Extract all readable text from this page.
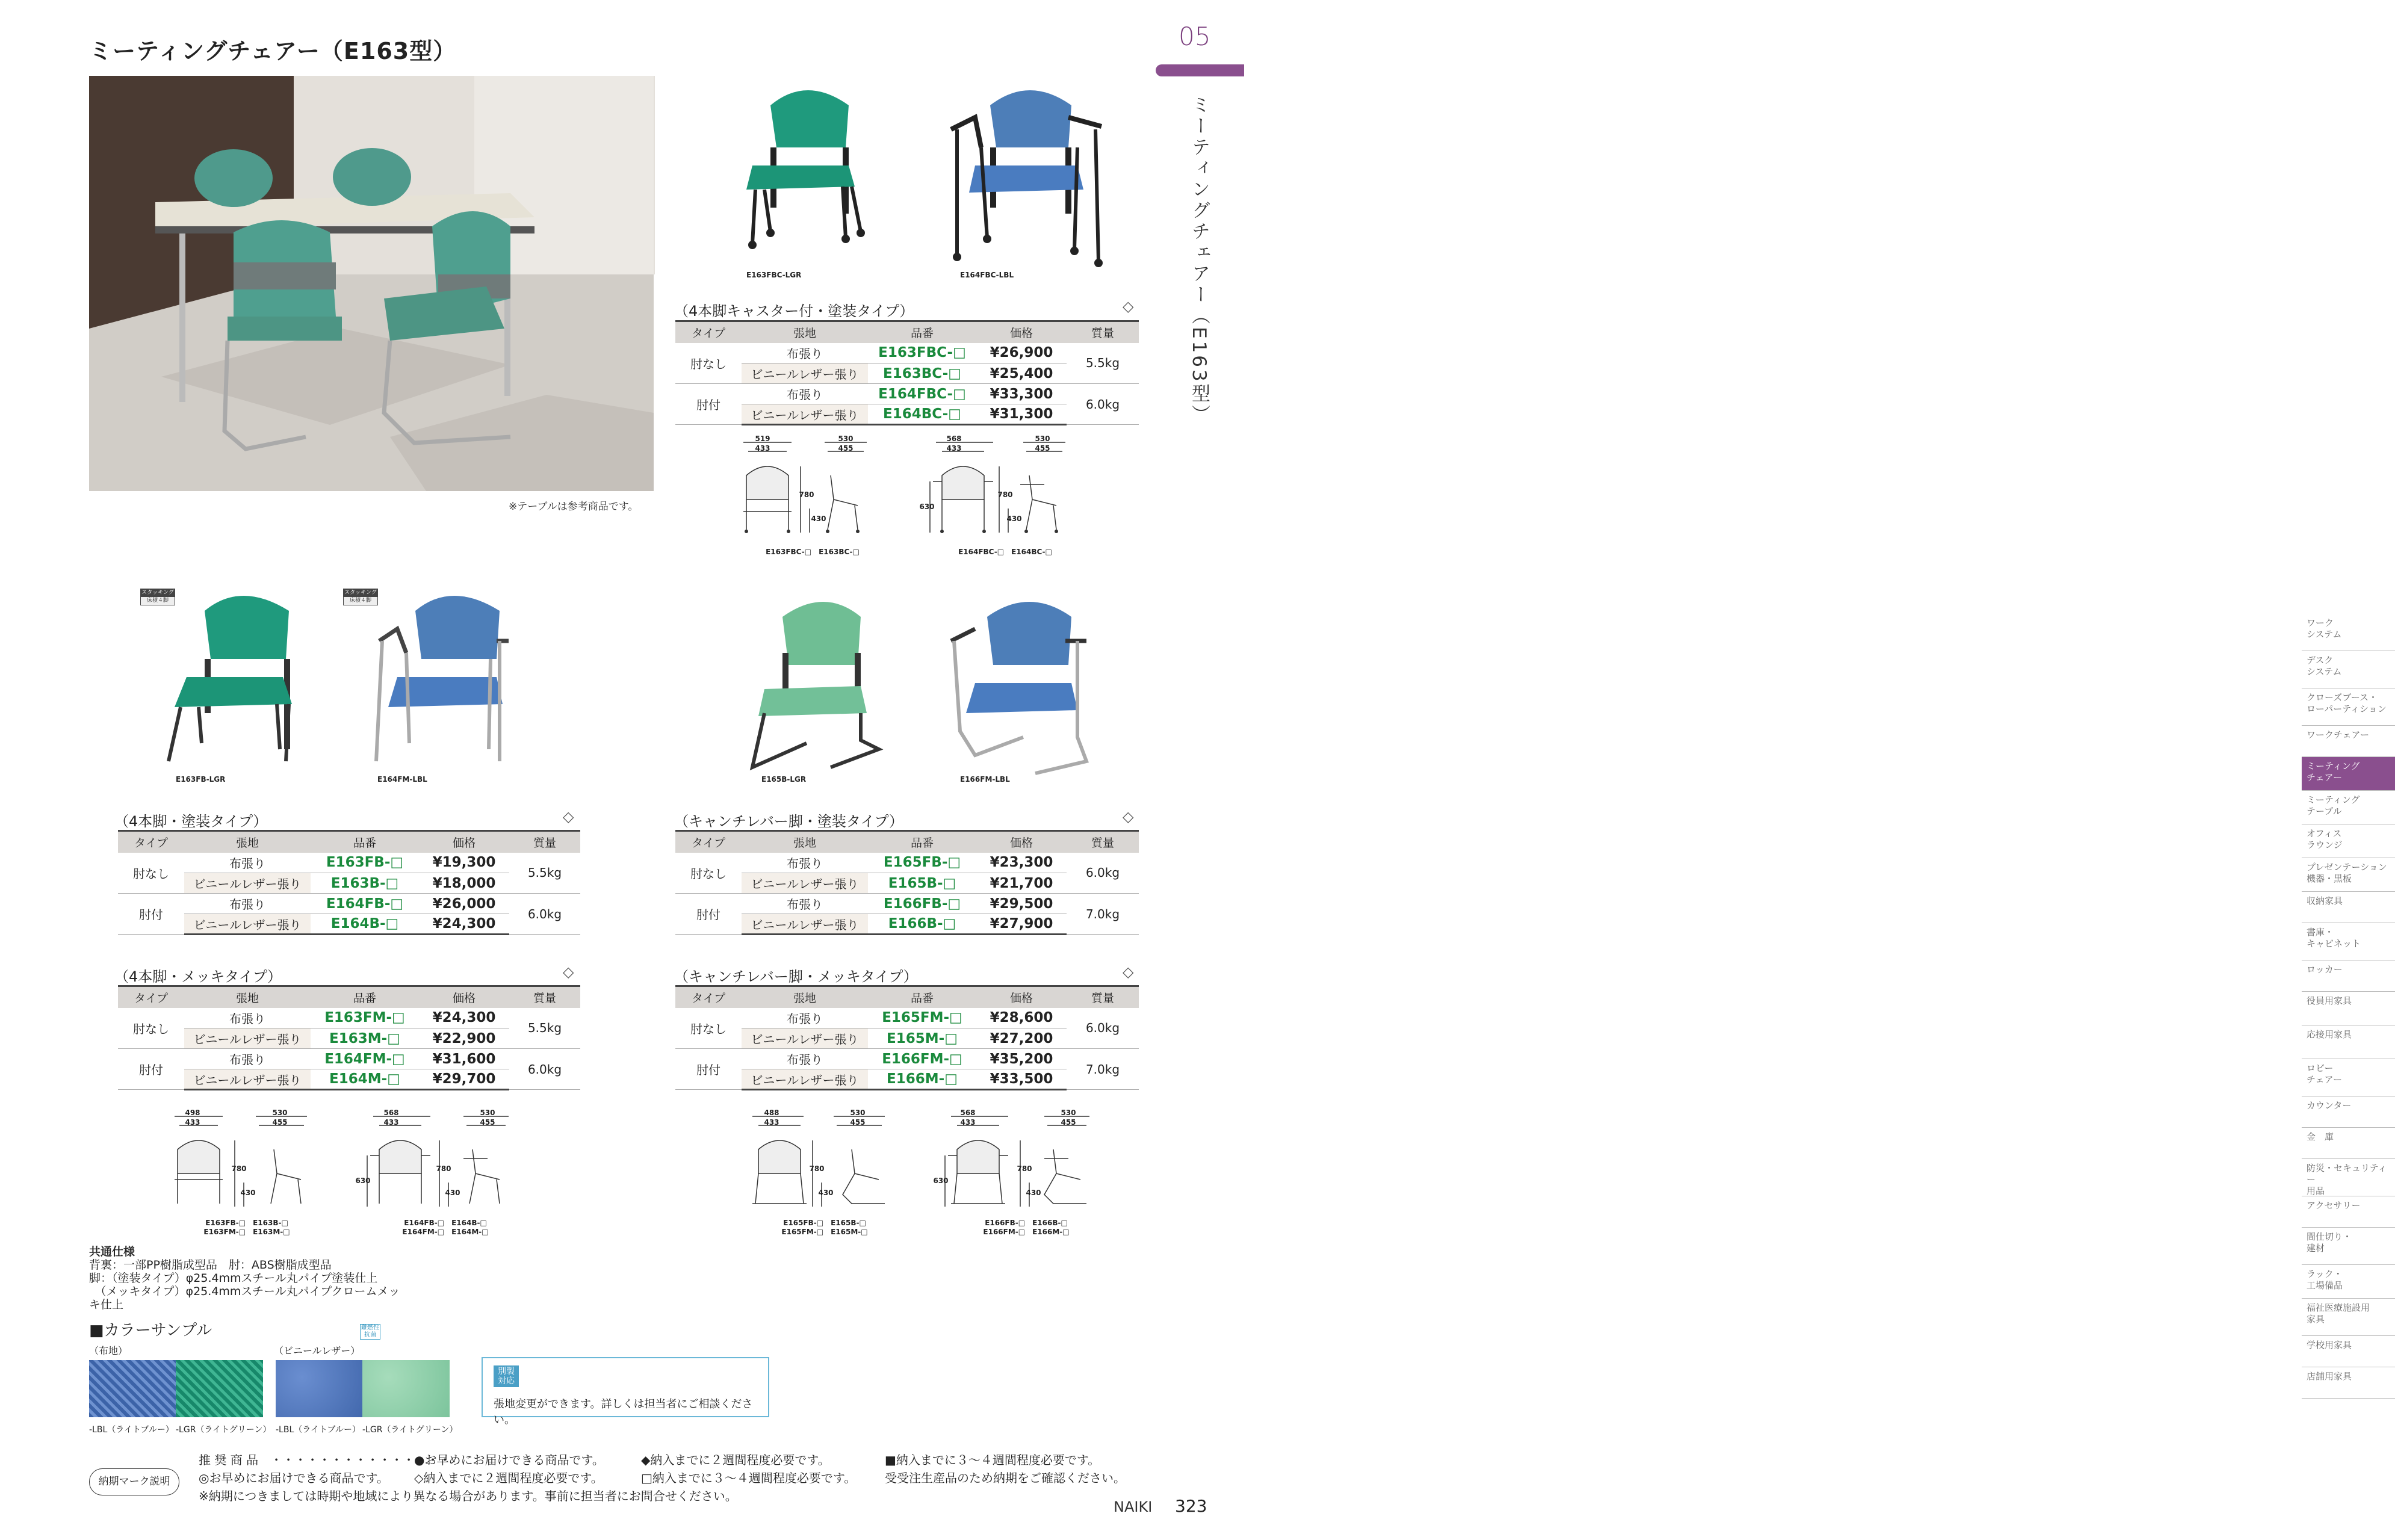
ミーティングチェアー（E163型）	05
ミーティングチェアー（E163型）
※テーブルは参考商品です。
E163FBC-LGR	E164FBC-LBL
（4本脚キャスター付・塗装タイプ）	◇
タイプ	張地	品番	価格	質量
肘なし	布張り	E163FBC-□	¥26,900	5.5kg
	ビニールレザー張り	E163BC-□	¥25,400	
肘付	布張り	E164FBC-□	¥33,300	6.0kg
	ビニールレザー張り	E164BC-□	¥31,300	
519
433
530
455
780
430
E163FBC-□　E163BC-□
568
433
530
455
780
430
630
E164FBC-□　E164BC-□
スタッキング
床積４脚
E163FB-LGR
スタッキング
床積４脚
E164FM-LBL	E165B-LGR	E166FM-LBL
（4本脚・塗装タイプ）	◇
タイプ	張地	品番	価格	質量
肘なし	布張り	E163FB-□	¥19,300	5.5kg
	ビニールレザー張り	E163B-□	¥18,000	
肘付	布張り	E164FB-□	¥26,000	6.0kg
	ビニールレザー張り	E164B-□	¥24,300	
（キャンチレバー脚・塗装タイプ）	◇
タイプ	張地	品番	価格	質量
肘なし	布張り	E165FB-□	¥23,300	6.0kg
	ビニールレザー張り	E165B-□	¥21,700	
肘付	布張り	E166FB-□	¥29,500	7.0kg
	ビニールレザー張り	E166B-□	¥27,900	
（4本脚・メッキタイプ）	◇
タイプ	張地	品番	価格	質量
肘なし	布張り	E163FM-□	¥24,300	5.5kg
	ビニールレザー張り	E163M-□	¥22,900	
肘付	布張り	E164FM-□	¥31,600	6.0kg
	ビニールレザー張り	E164M-□	¥29,700	
（キャンチレバー脚・メッキタイプ）	◇
タイプ	張地	品番	価格	質量
肘なし	布張り	E165FM-□	¥28,600	6.0kg
	ビニールレザー張り	E165M-□	¥27,200	
肘付	布張り	E166FM-□	¥35,200	7.0kg
	ビニールレザー張り	E166M-□	¥33,500	
498
433
530
455
780
430
E163FB-□　E163B-□
E163FM-□　E163M-□
568
433
530
455
780
430
630
E164FB-□　E164B-□
E164FM-□　E164M-□
488
433
530
455
780
430
E165FB-□　E165B-□
E165FM-□　E165M-□
568
433
530
455
780
430
630
E166FB-□　E166B-□
E166FM-□　E166M-□
共通仕様
背裏：一部PP樹脂成型品　肘：ABS樹脂成型品
脚：（塗装タイプ）φ25.4mmスチール丸パイプ塗装仕上
　（メッキタイプ）φ25.4mmスチール丸パイプクロームメッキ仕上
■カラーサンプル
（布地）	（ビニールレザー）
難燃性抗菌
-LBL（ライトブルー） -LGR（ライトグリーン） -LBL（ライトブルー） -LGR（ライトグリーン）
別製対応
張地変更ができます。詳しくは担当者にご相談ください。
ワーク
システム
デスク
システム
クローズブース・
ローパーティション
ワークチェアー
ミーティング
チェアー
ミーティング
テーブル
オフィス
ラウンジ
プレゼンテーション
機器・黒板
収納家具
書庫・
キャビネット
ロッカー
役員用家具
応接用家具
ロビー
チェアー
カウンター
金　庫
防災・セキュリティー
用品
アクセサリー
間仕切り・
建材
ラック・
工場備品
福祉医療施設用
家具
学校用家具
店舗用家具
納期マーク説明
推 奨 商 品　・・・・・・・・・・・・・・・
●お早めにお届けできる商品です。	◆納入までに２週間程度必要です。	■納入までに３～４週間程度必要です。
◎お早めにお届けできる商品です。 ◇納入までに２週間程度必要です。	□納入までに３～４週間程度必要です。 受受注生産品のため納期をご確認ください。
※納期につきましては時期や地域により異なる場合があります。事前に担当者にお問合せください。
NAIKI 323
